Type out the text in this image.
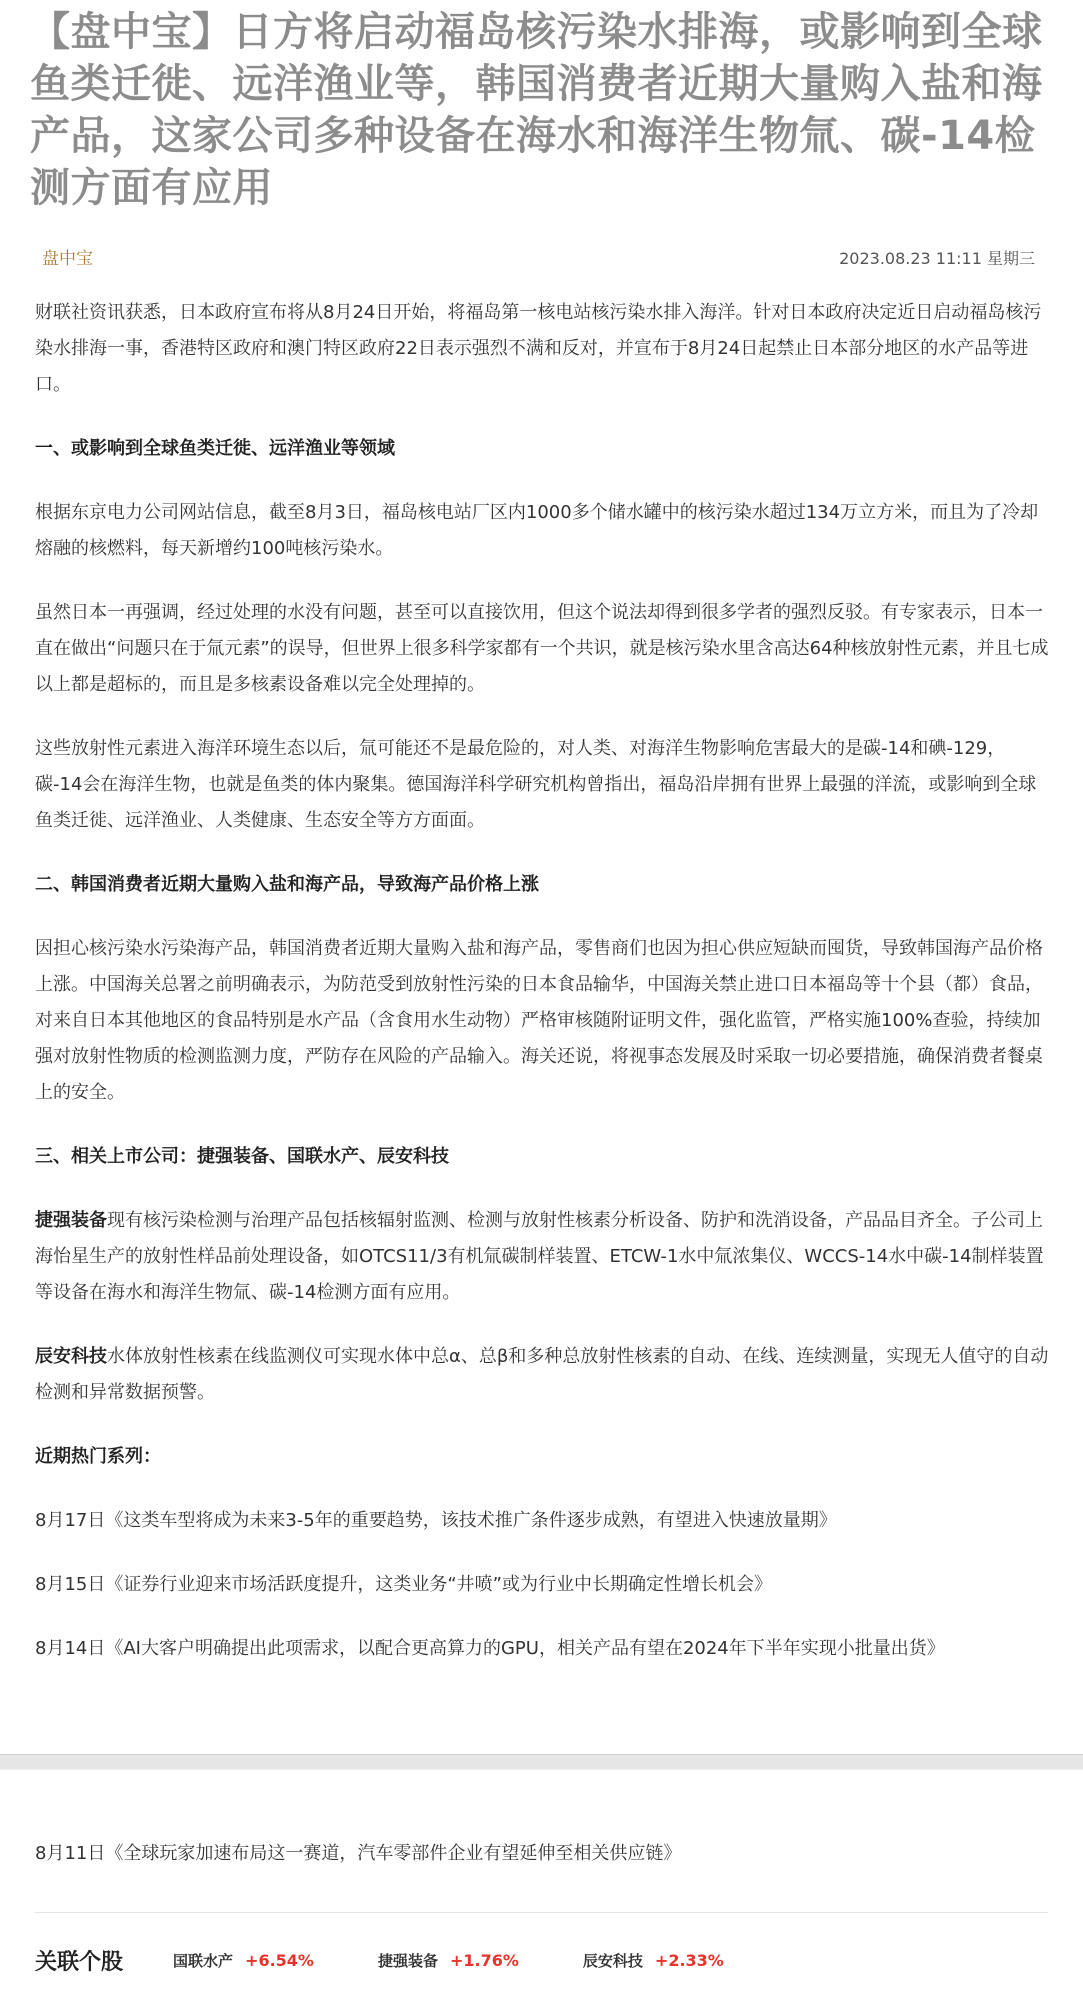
【盘中宝】日方将启动福岛核污染水排海，或影响到全球鱼类迁徙、远洋渔业等，韩国消费者近期大量购入盐和海产品，这家公司多种设备在海水和海洋生物氚、碳-14检测方面有应用
盘中宝	2023.08.23 11:11 星期三

财联社资讯获悉，日本政府宣布将从8月24日开始，将福岛第一核电站核污染水排入海洋。针对日本政府决定近日启动福岛核污染水排海一事，香港特区政府和澳门特区政府22日表示强烈不满和反对，并宣布于8月24日起禁止日本部分地区的水产品等进口。

一、或影响到全球鱼类迁徙、远洋渔业等领域

根据东京电力公司网站信息，截至8月3日，福岛核电站厂区内1000多个储水罐中的核污染水超过134万立方米，而且为了冷却熔融的核燃料，每天新增约100吨核污染水。

虽然日本一再强调，经过处理的水没有问题，甚至可以直接饮用，但这个说法却得到很多学者的强烈反驳。有专家表示，日本一直在做出“问题只在于氚元素”的误导，但世界上很多科学家都有一个共识，就是核污染水里含高达64种核放射性元素，并且七成以上都是超标的，而且是多核素设备难以完全处理掉的。

这些放射性元素进入海洋环境生态以后，氚可能还不是最危险的，对人类、对海洋生物影响危害最大的是碳-14和碘-129，碳-14会在海洋生物，也就是鱼类的体内聚集。德国海洋科学研究机构曾指出，福岛沿岸拥有世界上最强的洋流，或影响到全球鱼类迁徙、远洋渔业、人类健康、生态安全等方方面面。

二、韩国消费者近期大量购入盐和海产品，导致海产品价格上涨

因担心核污染水污染海产品，韩国消费者近期大量购入盐和海产品，零售商们也因为担心供应短缺而囤货，导致韩国海产品价格上涨。中国海关总署之前明确表示，为防范受到放射性污染的日本食品输华，中国海关禁止进口日本福岛等十个县（都）食品，对来自日本其他地区的食品特别是水产品（含食用水生动物）严格审核随附证明文件，强化监管，严格实施100%查验，持续加强对放射性物质的检测监测力度，严防存在风险的产品输入。海关还说，将视事态发展及时采取一切必要措施，确保消费者餐桌上的安全。

三、相关上市公司：捷强装备、国联水产、辰安科技

捷强装备现有核污染检测与治理产品包括核辐射监测、检测与放射性核素分析设备、防护和洗消设备，产品品目齐全。子公司上海怡星生产的放射性样品前处理设备，如OTCS11/3有机氚碳制样装置、ETCW-1水中氚浓集仪、WCCS-14水中碳-14制样装置等设备在海水和海洋生物氚、碳-14检测方面有应用。

辰安科技水体放射性核素在线监测仪可实现水体中总α、总β和多种总放射性核素的自动、在线、连续测量，实现无人值守的自动检测和异常数据预警。

近期热门系列：

8月17日《这类车型将成为未来3-5年的重要趋势，该技术推广条件逐步成熟，有望进入快速放量期》

8月15日《证券行业迎来市场活跃度提升，这类业务“井喷”或为行业中长期确定性增长机会》

8月14日《AI大客户明确提出此项需求，以配合更高算力的GPU，相关产品有望在2024年下半年实现小批量出货》

8月11日《全球玩家加速布局这一赛道，汽车零部件企业有望延伸至相关供应链》
关联个股	国联水产 +6.54%	捷强装备 +1.76%	辰安科技 +2.33%
